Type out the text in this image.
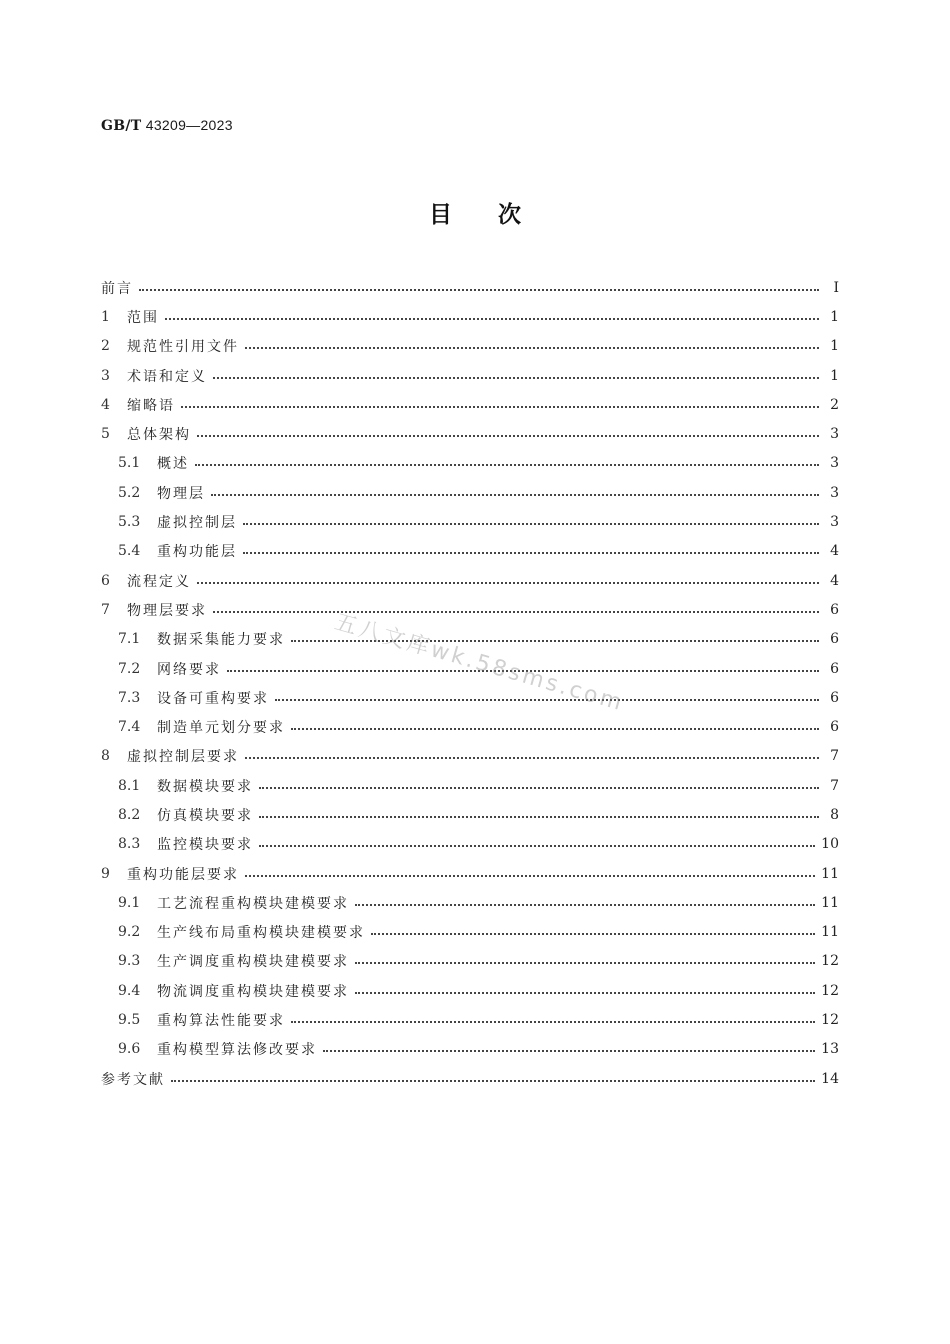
GB/T 43209—2023
目　　次
前言	Ⅰ
1	范围	1
2	规范性引用文件	1
3	术语和定义	1
4	缩略语	2
5	总体架构	3
5.1	概述	3
5.2	物理层	3
5.3	虚拟控制层	3
5.4	重构功能层	4
6	流程定义	4
7	物理层要求	6
7.1	数据采集能力要求	6
7.2	网络要求	6
7.3	设备可重构要求	6
7.4	制造单元划分要求	6
8	虚拟控制层要求	7
8.1	数据模块要求	7
8.2	仿真模块要求	8
8.3	监控模块要求	10
9	重构功能层要求	11
9.1	工艺流程重构模块建模要求	11
9.2	生产线布局重构模块建模要求	11
9.3	生产调度重构模块建模要求	12
9.4	物流调度重构模块建模要求	12
9.5	重构算法性能要求	12
9.6	重构模型算法修改要求	13
参考文献	14
五八文库wk.58sms.com
